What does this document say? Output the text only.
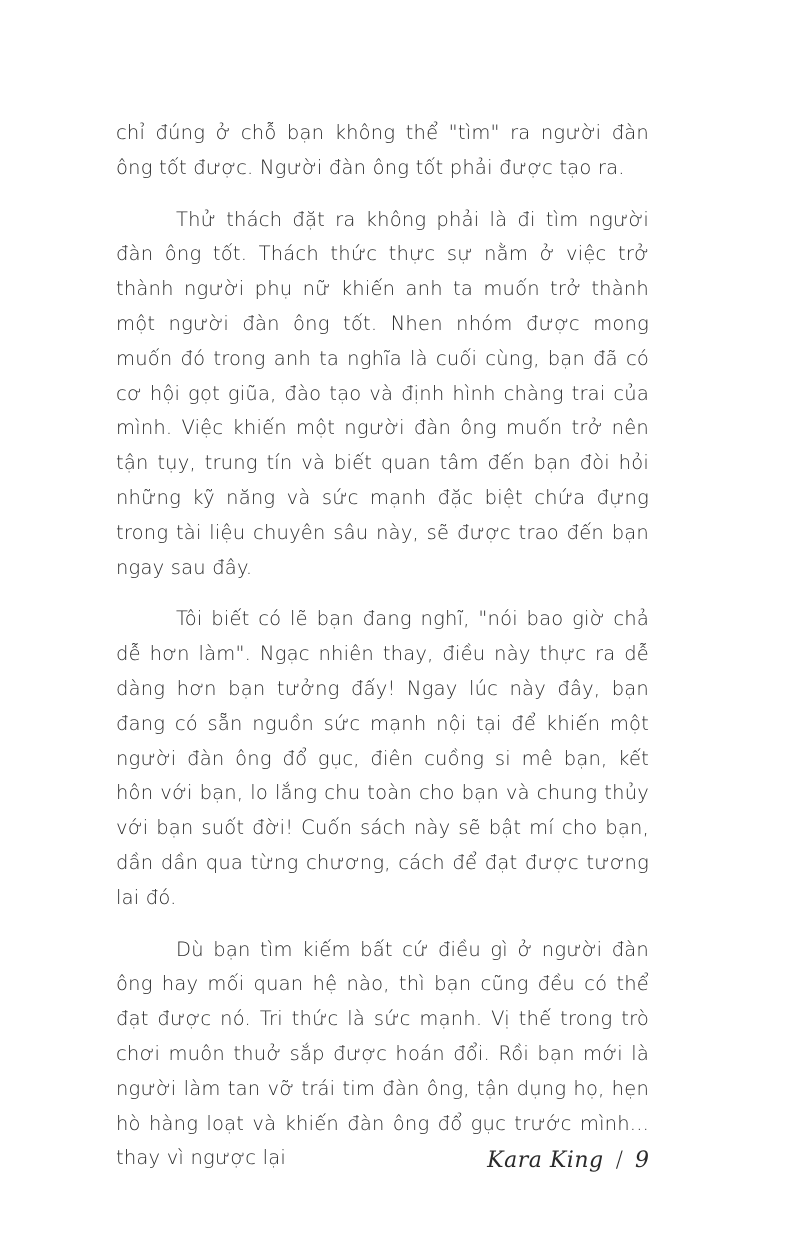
chỉ đúng ở chỗ bạn không thể "tìm" ra người đàn ông tốt được. Người đàn ông tốt phải được tạo ra.

Thử thách đặt ra không phải là đi tìm người đàn ông tốt. Thách thức thực sự nằm ở việc trở thành người phụ nữ khiến anh ta muốn trở thành một người đàn ông tốt. Nhen nhóm được mong muốn đó trong anh ta nghĩa là cuối cùng, bạn đã có cơ hội gọt giũa, đào tạo và định hình chàng trai của mình. Việc khiến một người đàn ông muốn trở nên tận tụy, trung tín và biết quan tâm đến bạn đòi hỏi những kỹ năng và sức mạnh đặc biệt chứa đựng trong tài liệu chuyên sâu này, sẽ được trao đến bạn ngay sau đây.

Tôi biết có lẽ bạn đang nghĩ, "nói bao giờ chả dễ hơn làm". Ngạc nhiên thay, điều này thực ra dễ dàng hơn bạn tưởng đấy! Ngay lúc này đây, bạn đang có sẵn nguồn sức mạnh nội tại để khiến một người đàn ông đổ gục, điên cuồng si mê bạn, kết hôn với bạn, lo lắng chu toàn cho bạn và chung thủy với bạn suốt đời! Cuốn sách này sẽ bật mí cho bạn, dần dần qua từng chương, cách để đạt được tương lai đó.

Dù bạn tìm kiếm bất cứ điều gì ở người đàn ông hay mối quan hệ nào, thì bạn cũng đều có thể đạt được nó. Tri thức là sức mạnh. Vị thế trong trò chơi muôn thuở sắp được hoán đổi. Rồi bạn mới là người làm tan vỡ trái tim đàn ông, tận dụng họ, hẹn hò hàng loạt và khiến đàn ông đổ gục trước mình... thay vì ngược lại	Kara King / 9
